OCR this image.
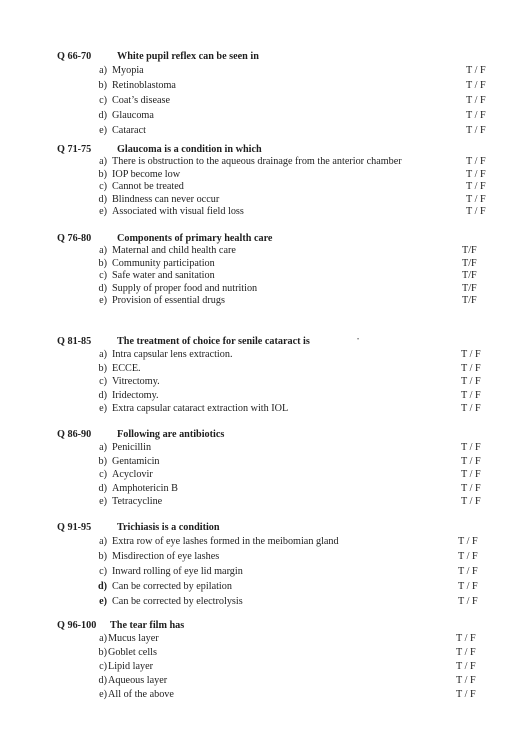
Q 66-70	White pupil reflex can be seen in
a) Myopia	T / F
b) Retinoblastoma	T / F
c) Coat’s disease	T / F
d) Glaucoma	T / F
e) Cataract	T / F
Q 71-75	Glaucoma is a condition in which
a) There is obstruction to the aqueous drainage from the anterior chamber	T / F
b) IOP become low	T / F
c) Cannot be treated	T / F
d) Blindness can never occur	T / F
e) Associated with visual field loss	T / F
Q 76-80	Components of primary health care
a) Maternal and child health care	T/F
b) Community participation	T/F
c) Safe water and sanitation	T/F
d) Supply of proper food and nutrition	T/F
e) Provision of essential drugs	T/F
•
Q 81-85	The treatment of choice for senile cataract is
a) Intra capsular lens extraction.	T / F
b) ECCE.	T / F
c) Vitrectomy.	T / F
d) Iridectomy.	T / F
e) Extra capsular cataract extraction with IOL	T / F
Q 86-90	Following are antibiotics
a) Penicillin	T / F
b) Gentamicin	T / F
c) Acyclovir	T / F
d) Amphotericin B	T / F
e) Tetracycline	T / F
Q 91-95	Trichiasis is a condition
a) Extra row of eye lashes formed in the meibomian gland	T / F
b) Misdirection of eye lashes	T / F
c) Inward rolling of eye lid margin	T / F
d) Can be corrected by epilation	T / F
e) Can be corrected by electrolysis	T / F
Q 96-100 The tear film has
a) Mucus layer	T / F
b) Goblet cells	T / F
c) Lipid layer	T / F
d) Aqueous layer	T / F
e) All of the above	T / F
